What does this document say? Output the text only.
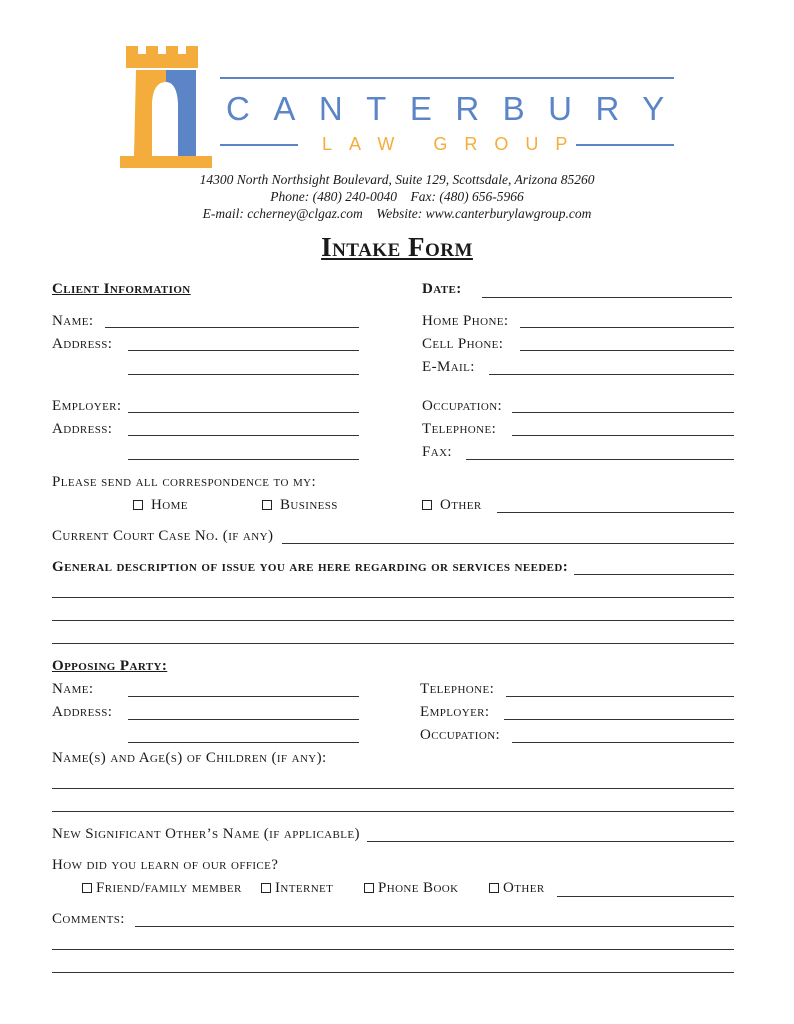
CANTERBURY
LAW GROUP
14300 North Northsight Boulevard, Suite 129, Scottsdale, Arizona 85260
Phone: (480) 240-0040    Fax: (480) 656-5966
E-mail: ccherney@clgaz.com    Website: www.canterburylawgroup.com
Intake Form
Client Information	Date:
Name:
Address:
Home Phone:
Cell Phone:
E-Mail:
Employer:
Address:
Occupation:
Telephone:
Fax:
Please send all correspondence to my:
Home	Business	Other
Current Court Case No. (if any)
General description of issue you are here regarding or services needed:
Opposing Party:
Name:
Address:
Telephone:
Employer:
Occupation:
Name(s) and Age(s) of Children (if any):
New Significant Other’s Name (if applicable)
How did you learn of our office?
Friend/family member	Internet	Phone Book	Other
Comments:
